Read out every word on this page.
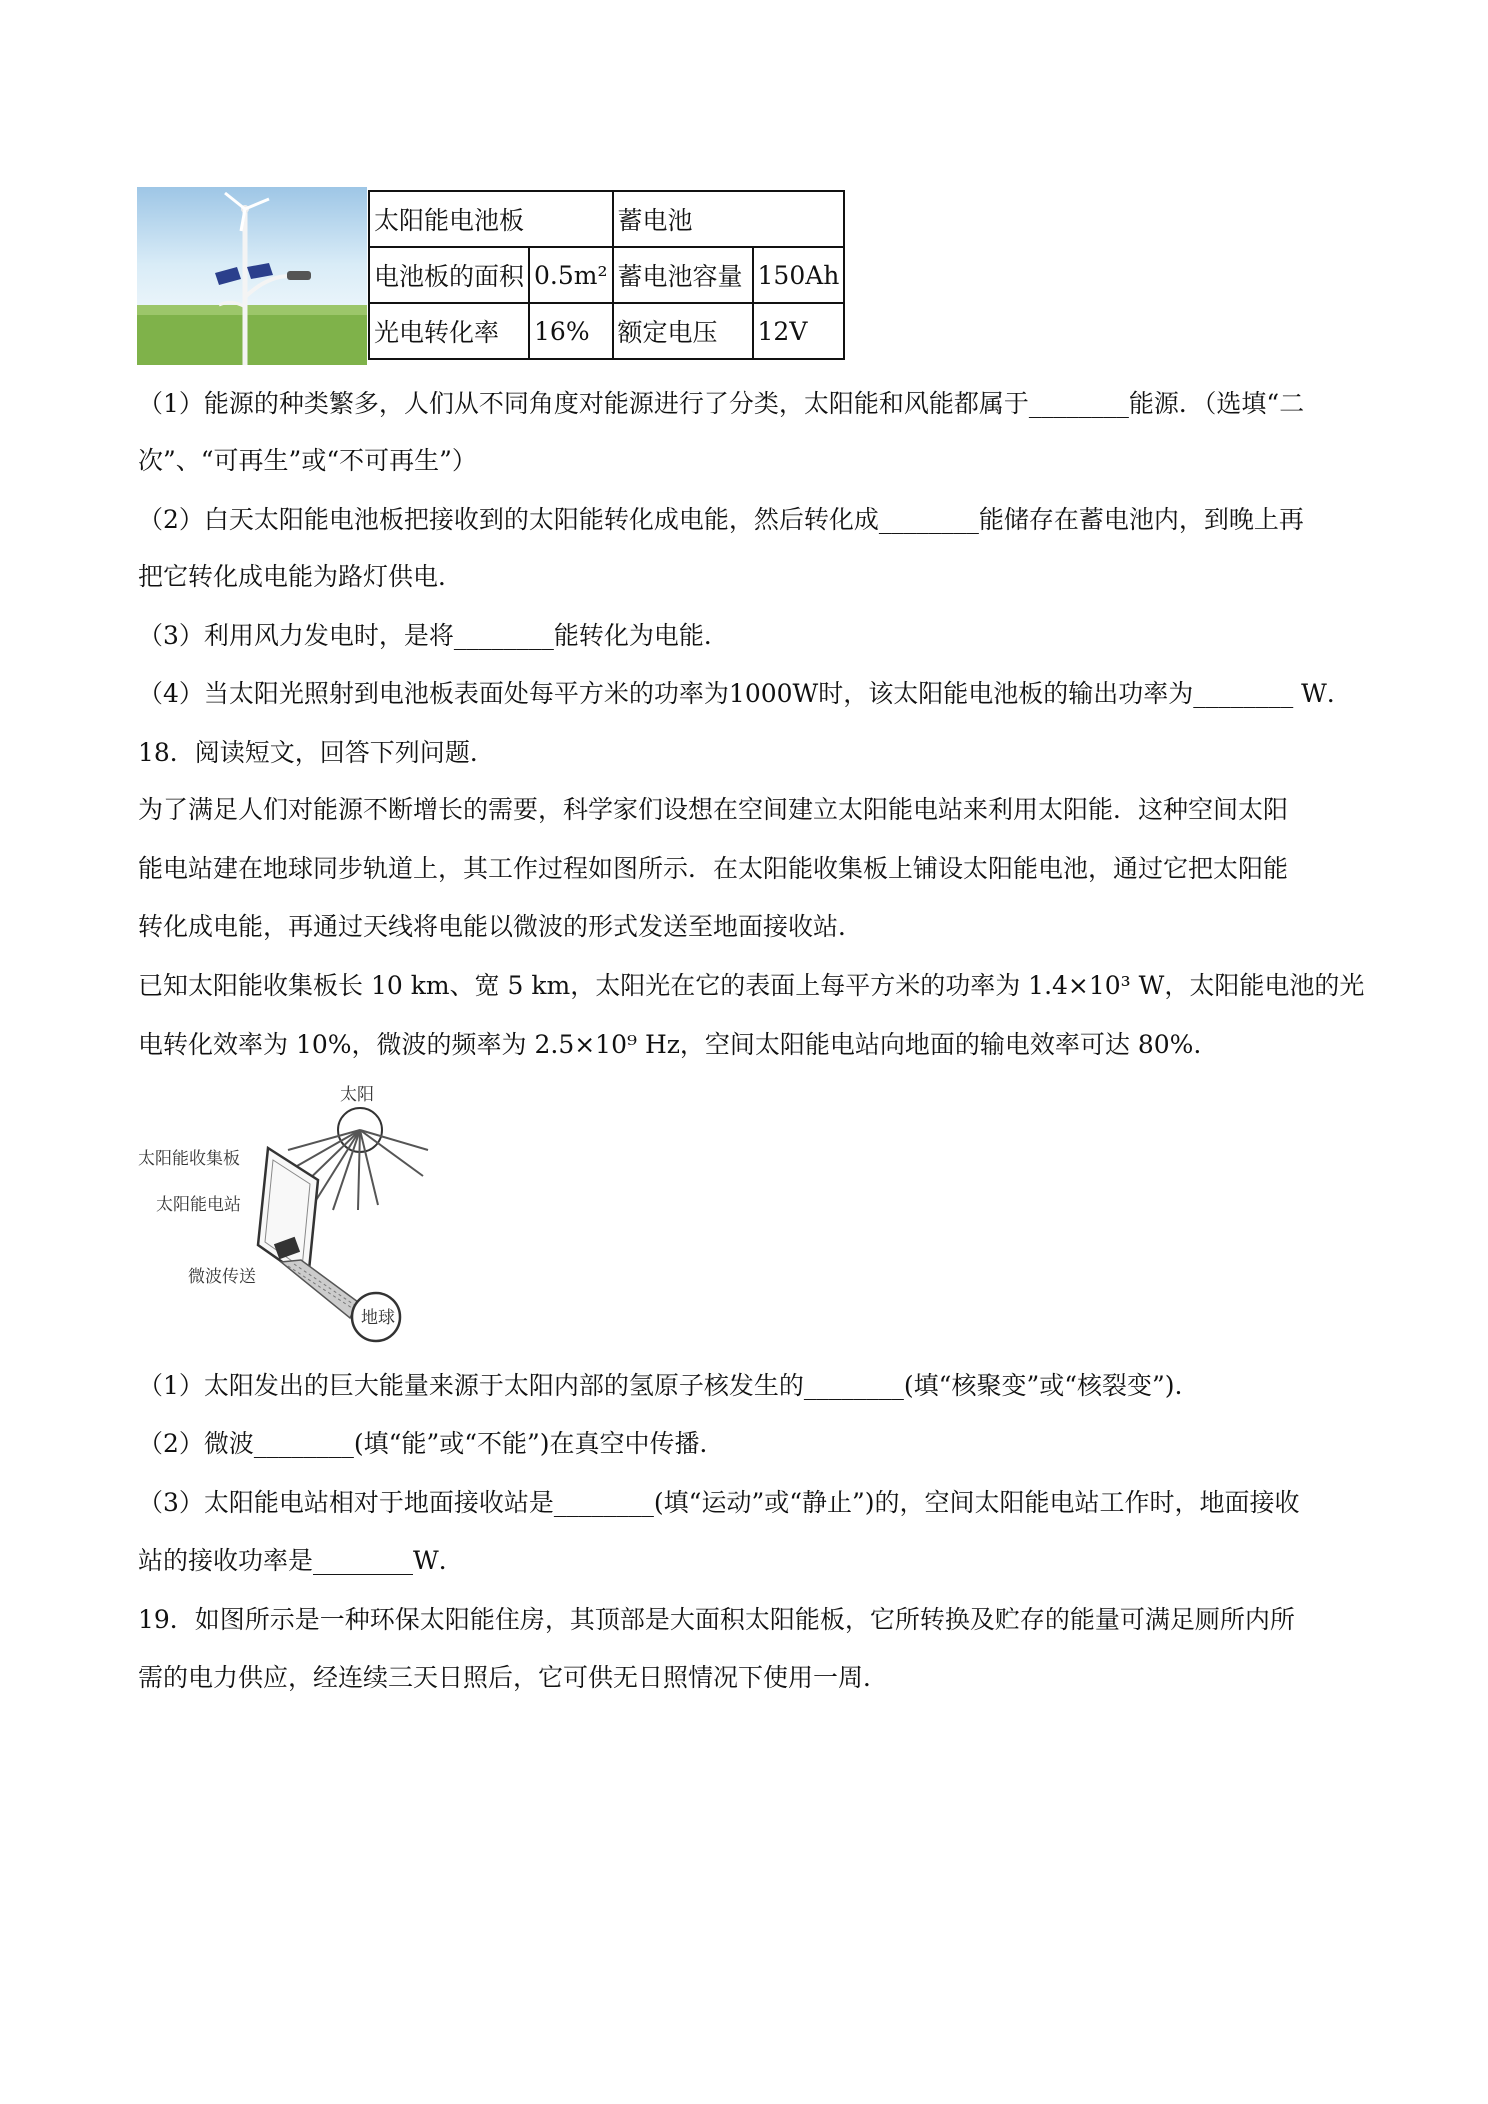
太阳能电池板		蓄电池	
电池板的面积	0.5m²	蓄电池容量	150Ah
光电转化率	16%	额定电压	12V
（1）能源的种类繁多，人们从不同角度对能源进行了分类，太阳能和风能都属于________能源．（选填“二
次”、“可再生”或“不可再生”）
（2）白天太阳能电池板把接收到的太阳能转化成电能，然后转化成________能储存在蓄电池内，到晚上再
把它转化成电能为路灯供电．
（3）利用风力发电时，是将________能转化为电能．
（4）当太阳光照射到电池板表面处每平方米的功率为1000W时，该太阳能电池板的输出功率为________ W．
18．阅读短文，回答下列问题．
为了满足人们对能源不断增长的需要，科学家们设想在空间建立太阳能电站来利用太阳能．这种空间太阳
能电站建在地球同步轨道上，其工作过程如图所示．在太阳能收集板上铺设太阳能电池，通过它把太阳能
转化成电能，再通过天线将电能以微波的形式发送至地面接收站．
已知太阳能收集板长 10 km、宽 5 km，太阳光在它的表面上每平方米的功率为 1.4×10³ W，太阳能电池的光
电转化效率为 10%，微波的频率为 2.5×10⁹ Hz，空间太阳能电站向地面的输电效率可达 80%.
太阳
地球
太阳能收集板
太阳能电站
微波传送
（1）太阳发出的巨大能量来源于太阳内部的氢原子核发生的________(填“核聚变”或“核裂变”).
（2）微波________(填“能”或“不能”)在真空中传播．
（3）太阳能电站相对于地面接收站是________(填“运动”或“静止”)的，空间太阳能电站工作时，地面接收
站的接收功率是________W．
19．如图所示是一种环保太阳能住房，其顶部是大面积太阳能板，它所转换及贮存的能量可满足厕所内所
需的电力供应，经连续三天日照后，它可供无日照情况下使用一周．
